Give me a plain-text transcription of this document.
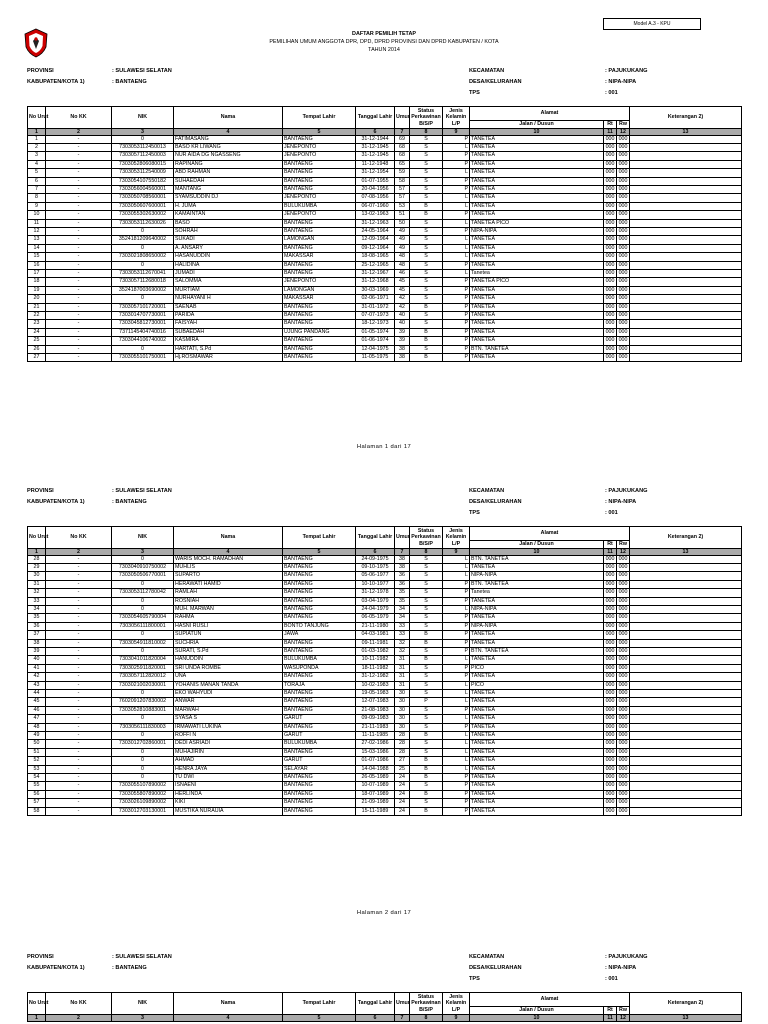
Model A.3 - KPU
DAFTAR PEMILIH TETAP
PEMILIHAN UMUM ANGGOTA DPR, DPD, DPRD PROVINSI DAN DPRD KABUPATEN / KOTA
TAHUN 2014
PROVINSI	: SULAWESI SELATAN
KABUPATEN/KOTA 1)	: BANTAENG
KECAMATAN	: PAJUKUKANG
DESA/KELURAHAN	: NIPA-NIPA
TPS	: 001
No Urut	No KK	NIK	Nama	Tempat Lahir	Tanggal Lahir	Umur	Status Perkawinan B/S/P	Jenis Kelamin L/P	Alamat			Keterangan 2)
									Jalan / Dusun	Rt	Rw	
1	2	3	4	5	6	7	8	9	10	11	12	13
1	-	0	FATIMASANG	BANTAENG	31-12-1944	69	S	P	TANETEA	000	000	
2	-	7303053112450013	BASO KR LIWANG	JENEPONTO	31-12-1945	68	S	L	TANETEA	000	000	
3	-	7303057112450003	NUR AIDA DG NGASSENG	JENEPONTO	31-12-1945	68	S	P	TANETEA	000	000	
4	-	7303052806080015	RAPINANG	BANTAENG	11-12-1948	65	S	P	TANETEA	000	000	
5	-	7303053112540009	ABD RAHMAN	BANTAENG	31-12-1954	59	S	L	TANETEA	000	000	
6	-	7303054107550182	SUHAEDAH	BANTAENG	01-07-1955	58	S	P	TANETEA	000	000	
7	-	7303056004560001	MANTANG	BANTAENG	20-04-1956	57	S	P	TANETEA	000	000	
8	-	7303050708560001	SYAMSUDDIN DJ	JENEPONTO	07-08-1956	57	S	L	TANETEA	000	000	
9	-	7303050607600001	H. JUMA	BULUKUMBA	06-07-1960	53	B	L	TANETEA	000	000	
10	-	7303055302630002	KAMAINTAN	JENEPONTO	13-02-1963	51	B	P	TANETEA	000	000	
11	-	7303053112630026	BASO	BANTAENG	31-12-1963	50	S	L	TANETEA PICO	000	000	
12	-	0	SOHRAH	BANTAENG	24-05-1964	49	S	P	NIPA-NIPA	000	000	
13	-	3524181209640002	SUKADI	LAMONGAN	12-09-1964	49	S	L	TANETEA	000	000	
14	-	0	A. ANSARY	BANTAENG	09-12-1964	49	S	L	TANETEA	000	000	
15	-	7303021808650002	HASANUDDIN	MAKASSAR	18-08-1965	48	S	L	TANETEA	000	000	
16	-	0	HALIDINA	BANTAENG	25-12-1965	48	S	P	TANETEA	000	000	
17	-	7303053112670041	JUMADI	BANTAENG	31-12-1967	46	S	L	Tanetea	000	000	
18	-	7303057112680018	SALOMMA	JENEPONTO	31-12-1968	45	S	P	TANETEA PICO	000	000	
19	-	3524187003690002	MURTIAM	LAMONGAN	30-03-1969	45	S	P	TANETEA	000	000	
20	-	0	NURHAYANI H	MAKASSAR	02-06-1971	42	S	P	TANETEA	000	000	
21	-	7303057101720001	SAENAB	BANTAENG	31-01-1972	42	B	P	TANETEA	000	000	
22	-	7303014707730001	PARIDA	BANTAENG	07-07-1973	40	S	P	TANETEA	000	000	
23	-	7303045812730001	FAISYAH	BANTAENG	18-12-1973	40	S	P	TANETEA	000	000	
24	-	7371145404740016	SUBAEDAH	UJUNG PANDANG	01-05-1974	39	B	P	TANETEA	000	000	
25	-	7303044106740002	KASMIRA	BANTAENG	01-06-1974	39	B	P	TANETEA	000	000	
26	-	0	HARTATI, S.Pd	BANTAENG	12-04-1975	38	S	P	BTN. TANETEA	000	000	
27	-	7303055101750001	Hj.ROSMAWAR	BANTAENG	11-05-1975	38	B	P	TANETEA	000	000	
Halaman 1 dari 17
PROVINSI	: SULAWESI SELATAN
KABUPATEN/KOTA 1)	: BANTAENG
KECAMATAN	: PAJUKUKANG
DESA/KELURAHAN	: NIPA-NIPA
TPS	: 001
No Urut	No KK	NIK	Nama	Tempat Lahir	Tanggal Lahir	Umur	Status Perkawinan B/S/P	Jenis Kelamin L/P	Alamat			Keterangan 2)
									Jalan / Dusun	Rt	Rw	
1	2	3	4	5	6	7	8	9	10	11	12	13
28	-	0	WARIS MOCH. RAMADHAN	BANTAENG	24-09-1975	38	S	L	BTN. TANETEA	000	000	
29	-	7303040910750002	MUHLIS	BANTAENG	09-10-1975	38	S	L	TANETEA	000	000	
30	-	7303050506770001	SUPARTO	BANTAENG	05-06-1977	36	S	L	NIPA-NIPA	000	000	
31	-	0	HERAWATI HAMID	BANTAENG	10-10-1977	36	S	P	BTN. TANETEA	000	000	
32	-	7303053112780042	RAMLAH	BANTAENG	31-12-1978	35	S	P	Tanetea	000	000	
33	-	0	ROSNIAH	BANTAENG	03-04-1979	35	S	P	TANETEA	000	000	
34	-	0	MUH. MARWAN	BANTAENG	24-04-1979	34	S	L	NIPA-NIPA	000	000	
35	-	7303054605790004	RAHMA	BANTAENG	06-05-1979	34	S	P	TANETEA	000	000	
36	-	7303056111800001	HASNI RUSLI	BONTO TANJUNG	21-11-1980	33	S	P	NIPA-NIPA	000	000	
37	-	0	SUPIATUN	JAWA	04-03-1981	33	B	P	TANETEA	000	000	
38	-	7303054911810002	SUCHRIA	BANTAENG	09-11-1981	32	B	P	TANETEA	000	000	
39	-	0	SURATI, S.Pd	BANTAENG	01-03-1982	32	S	P	BTN. TANETEA	000	000	
40	-	7303041011820004	HANUDDIN	BULUKUMBA	10-11-1982	31	B	L	TANETEA	000	000	
41	-	7303025911820001	SRI UNDA ROMBE	WASUPONDA	18-11-1982	31	S	P	PICO	000	000	
42	-	7303057112820012	UNA	BANTAENG	31-12-1982	31	S	P	TANETEA	000	000	
43	-	7303021002030001	YOHANIS MANAN TANDA	TORAJA	10-02-1983	31	S	L	PICO	000	000	
44	-	0	EKO WAHYUDI	BANTAENG	19-05-1983	30	S	L	TANETEA	000	000	
45	-	7602091207830002	ANWAR	BANTAENG	12-07-1983	30	P	L	TANETEA	000	000	
46	-	7303052810883001	MARWAH	BANTAENG	21-08-1983	30	S	P	TANETEA	000	000	
47	-	0	SYASA S	GARUT	09-09-1983	30	S	L	TANETEA	000	000	
48	-	7303056111830003	IRMAWATI LUKINA	BANTAENG	21-11-1983	30	S	P	TANETEA	000	000	
49	-	0	ROFFI N	GARUT	11-11-1985	28	B	L	TANETEA	000	000	
50	-	7303012702860001	DEDI ASRIADI	BULUKUMBA	27-02-1986	28	S	L	TANETEA	000	000	
51	-	0	MUHAJIRIN	BANTAENG	15-03-1986	28	S	L	TANETEA	000	000	
52	-	0	AHMAD	GARUT	01-07-1986	27	B	L	TANETEA	000	000	
53	-	0	HENRA JAYA	SELAYAR	14-04-1988	25	B	L	TANETEA	000	000	
54	-	0	TU DWI	BANTAENG	26-05-1989	24	B	P	TANETEA	000	000	
55	-	7303055107890002	ISNAENI	BANTAENG	10-07-1989	24	S	P	TANETEA	000	000	
56	-	7303055807890002	HERLINDA	BANTAENG	18-07-1989	24	B	P	TANETEA	000	000	
57	-	7303026109890002	KIKI	BANTAENG	21-09-1989	24	S	P	TANETEA	000	000	
58	-	7303012703130001	MUSTIKA NURAUIA	BANTAENG	15-11-1989	24	B	P	TANETEA	000	000	
Halaman 2 dari 17
PROVINSI	: SULAWESI SELATAN
KABUPATEN/KOTA 1)	: BANTAENG
KECAMATAN	: PAJUKUKANG
DESA/KELURAHAN	: NIPA-NIPA
TPS	: 001
No Urut	No KK	NIK	Nama	Tempat Lahir	Tanggal Lahir	Umur	Status Perkawinan B/S/P	Jenis Kelamin L/P	Alamat			Keterangan 2)
									Jalan / Dusun	Rt	Rw	
1	2	3	4	5	6	7	8	9	10	11	12	13
